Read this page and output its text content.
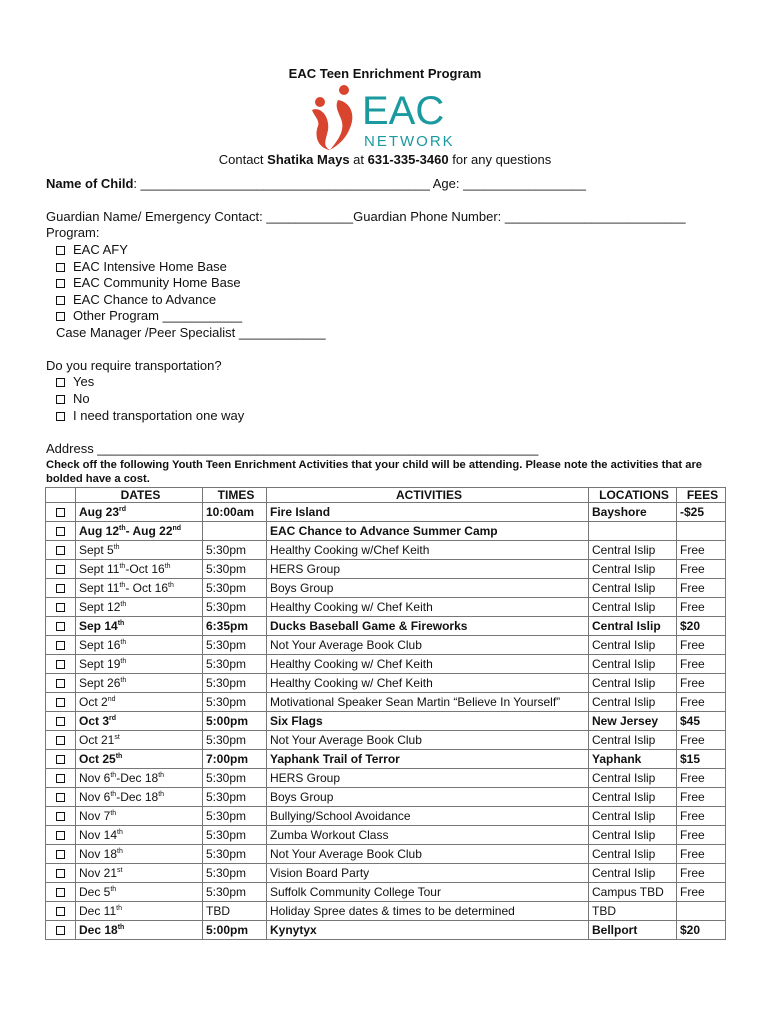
EAC Teen Enrichment Program
EAC
NETWORK
Contact Shatika Mays at 631-335-3460 for any questions
Name of Child: ________________________________________ Age: _________________
Guardian Name/ Emergency Contact: ____________Guardian Phone Number: _________________________
Program:
EAC AFY
EAC Intensive Home Base
EAC Community Home Base
EAC Chance to Advance
Other Program ___________
Case Manager /Peer Specialist ____________
Do you require transportation?
Yes
No
I need transportation one way
Address _____________________________________________________________
Check off the following Youth Teen Enrichment Activities that your child will be attending. Please note the activities that are bolded have a cost.
	DATES	TIMES	ACTIVITIES	LOCATIONS	FEES
	Aug 23rd	10:00am	Fire Island	Bayshore	-$25
	Aug 12th- Aug 22nd		EAC Chance to Advance Summer Camp		
	Sept 5th	5:30pm	Healthy Cooking w/Chef Keith	Central Islip	Free
	Sept 11th-Oct 16th	5:30pm	HERS Group	Central Islip	Free
	Sept 11th- Oct 16th	5:30pm	Boys Group	Central Islip	Free
	Sept 12th	5:30pm	Healthy Cooking w/ Chef Keith	Central Islip	Free
	Sep 14th	6:35pm	Ducks Baseball Game & Fireworks	Central Islip	$20
	Sept 16th	5:30pm	Not Your Average Book Club	Central Islip	Free
	Sept 19th	5:30pm	Healthy Cooking w/ Chef Keith	Central Islip	Free
	Sept 26th	5:30pm	Healthy Cooking w/ Chef Keith	Central Islip	Free
	Oct 2nd	5:30pm	Motivational Speaker Sean Martin “Believe In Yourself”	Central Islip	Free
	Oct 3rd	5:00pm	Six Flags	New Jersey	$45
	Oct 21st	5:30pm	Not Your Average Book Club	Central Islip	Free
	Oct 25th	7:00pm	Yaphank Trail of Terror	Yaphank	$15
	Nov 6th-Dec 18th	5:30pm	HERS Group	Central Islip	Free
	Nov 6th-Dec 18th	5:30pm	Boys Group	Central Islip	Free
	Nov 7th	5:30pm	Bullying/School Avoidance	Central Islip	Free
	Nov 14th	5:30pm	Zumba Workout Class	Central Islip	Free
	Nov 18th	5:30pm	Not Your Average Book Club	Central Islip	Free
	Nov 21st	5:30pm	Vision Board Party	Central Islip	Free
	Dec 5th	5:30pm	Suffolk Community College Tour	Campus TBD	Free
	Dec 11th	TBD	Holiday Spree dates & times to be determined	TBD	
	Dec 18th	5:00pm	Kynytyx	Bellport	$20
